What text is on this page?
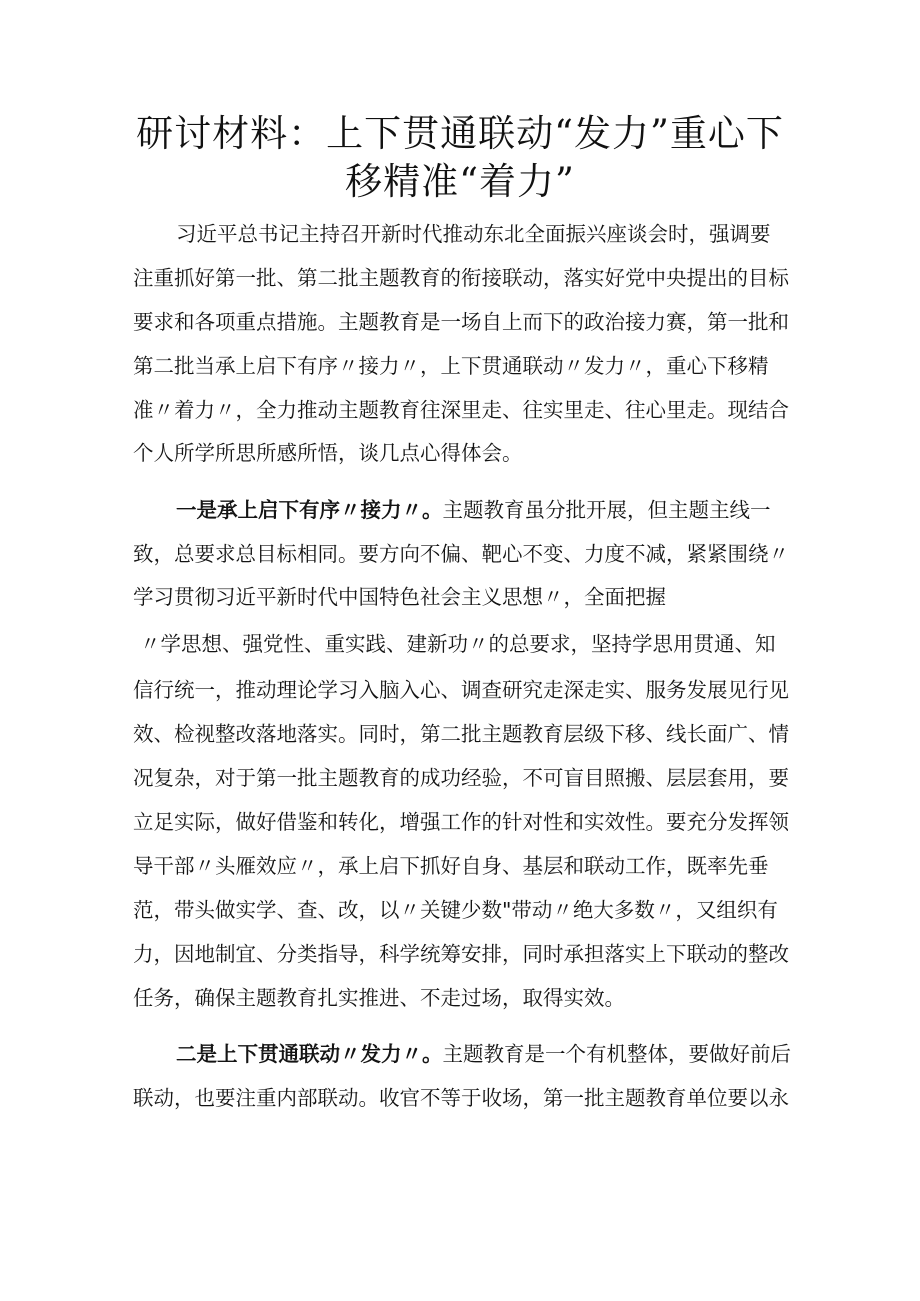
研讨材料：上下贯通联动“发力”重心下
移精准“着力”
习近平总书记主持召开新时代推动东北全面振兴座谈会时，强调要
注重抓好第一批、第二批主题教育的衔接联动，落实好党中央提出的目标
要求和各项重点措施。主题教育是一场自上而下的政治接力赛，第一批和
第二批当承上启下有序〃接力〃，上下贯通联动〃发力〃，重心下移精
准〃着力〃，全力推动主题教育往深里走、往实里走、往心里走。现结合
个人所学所思所感所悟，谈几点心得体会。
一是承上启下有序〃接力〃。主题教育虽分批开展，但主题主线一
致，总要求总目标相同。要方向不偏、靶心不变、力度不减，紧紧围绕〃
学习贯彻习近平新时代中国特色社会主义思想〃，全面把握
〃学思想、强党性、重实践、建新功〃的总要求，坚持学思用贯通、知
信行统一，推动理论学习入脑入心、调查研究走深走实、服务发展见行见
效、检视整改落地落实。同时，第二批主题教育层级下移、线长面广、情
况复杂，对于第一批主题教育的成功经验，不可盲目照搬、层层套用，要
立足实际，做好借鉴和转化，增强工作的针对性和实效性。要充分发挥领
导干部〃头雁效应〃，承上启下抓好自身、基层和联动工作，既率先垂
范，带头做实学、查、改，以〃关键少数"带动〃绝大多数〃，又组织有
力，因地制宜、分类指导，科学统筹安排，同时承担落实上下联动的整改
任务，确保主题教育扎实推进、不走过场，取得实效。
二是上下贯通联动〃发力〃。主题教育是一个有机整体，要做好前后
联动，也要注重内部联动。收官不等于收场，第一批主题教育单位要以永
